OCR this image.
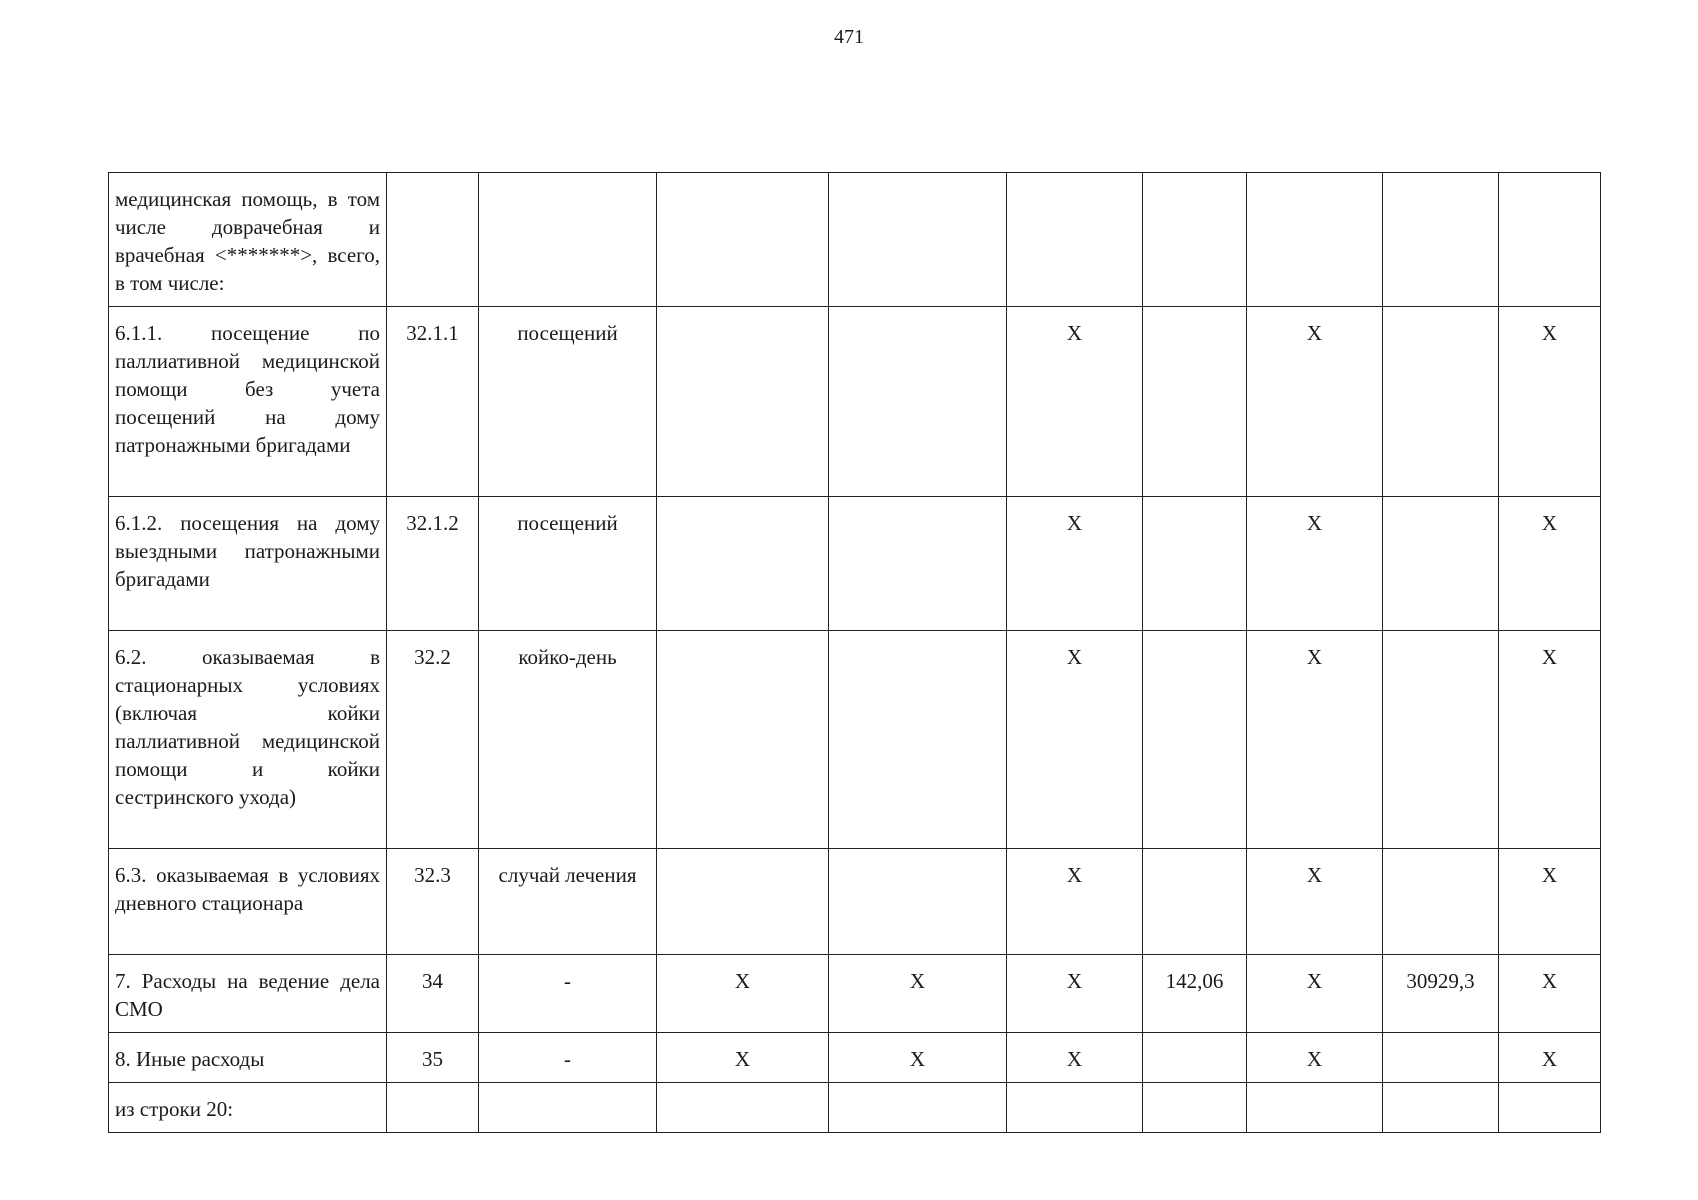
471
медицинская помощь, в том числе доврачебная и врачебная <*******>, всего, в том числе:									
6.1.1. посещение по паллиативной медицинской помощи без учета посещений на дому патронажными бригадами	32.1.1	посещений			Х		Х		Х
6.1.2. посещения на дому выездными патронажными бригадами	32.1.2	посещений			Х		Х		Х
6.2. оказываемая в стационарных условиях (включая койки паллиативной медицинской помощи и койки сестринского ухода)	32.2	койко-день			Х		Х		Х
6.3. оказываемая в условиях дневного стационара	32.3	случай лечения			Х		Х		Х
7. Расходы на ведение дела СМО	34	-	Х	Х	Х	142,06	Х	30929,3	Х
8. Иные расходы	35	-	Х	Х	Х		Х		Х
из строки 20:									
